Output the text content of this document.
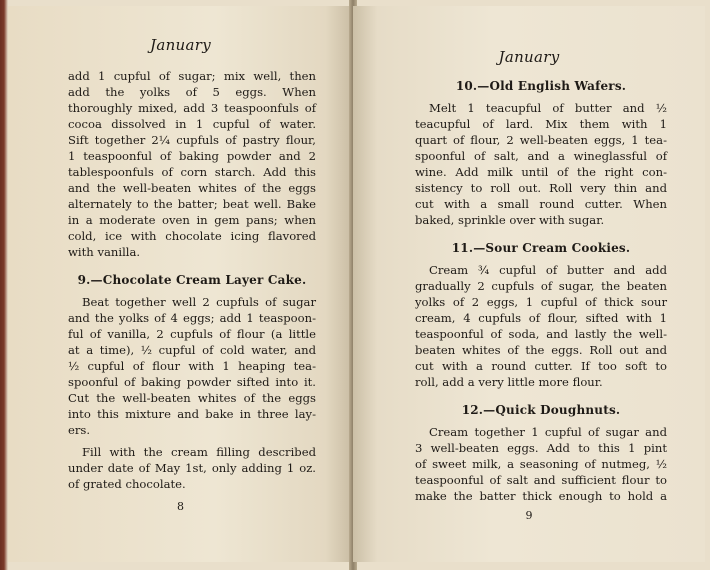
January
add 1 cupful of sugar; mix well, then
add the yolks of 5 eggs. When
thoroughly mixed, add 3 teaspoonfuls of
cocoa dissolved in 1 cupful of water.
Sift together 2¼ cupfuls of pastry flour,
1 teaspoonful of baking powder and 2
tablespoonfuls of corn starch. Add this
and the well-beaten whites of the eggs
alternately to the batter; beat well. Bake
in a moderate oven in gem pans; when
cold, ice with chocolate icing flavored
with vanilla.
9.—Chocolate Cream Layer Cake.
Beat together well 2 cupfuls of sugar
and the yolks of 4 eggs; add 1 teaspoon-
ful of vanilla, 2 cupfuls of flour (a little
at a time), ½ cupful of cold water, and
½ cupful of flour with 1 heaping tea-
spoonful of baking powder sifted into it.
Cut the well-beaten whites of the eggs
into this mixture and bake in three lay-
ers.
Fill with the cream filling described
under date of May 1st, only adding 1 oz.
of grated chocolate.
8
January
10.—Old English Wafers.
Melt 1 teacupful of butter and ½
teacupful of lard. Mix them with 1
quart of flour, 2 well-beaten eggs, 1 tea-
spoonful of salt, and a wineglassful of
wine. Add milk until of the right con-
sistency to roll out. Roll very thin and
cut with a small round cutter. When
baked, sprinkle over with sugar.
11.—Sour Cream Cookies.
Cream ¾ cupful of butter and add
gradually 2 cupfuls of sugar, the beaten
yolks of 2 eggs, 1 cupful of thick sour
cream, 4 cupfuls of flour, sifted with 1
teaspoonful of soda, and lastly the well-
beaten whites of the eggs. Roll out and
cut with a round cutter. If too soft to
roll, add a very little more flour.
12.—Quick Doughnuts.
Cream together 1 cupful of sugar and
3 well-beaten eggs. Add to this 1 pint
of sweet milk, a seasoning of nutmeg, ½
teaspoonful of salt and sufficient flour to
make the batter thick enough to hold a
9
